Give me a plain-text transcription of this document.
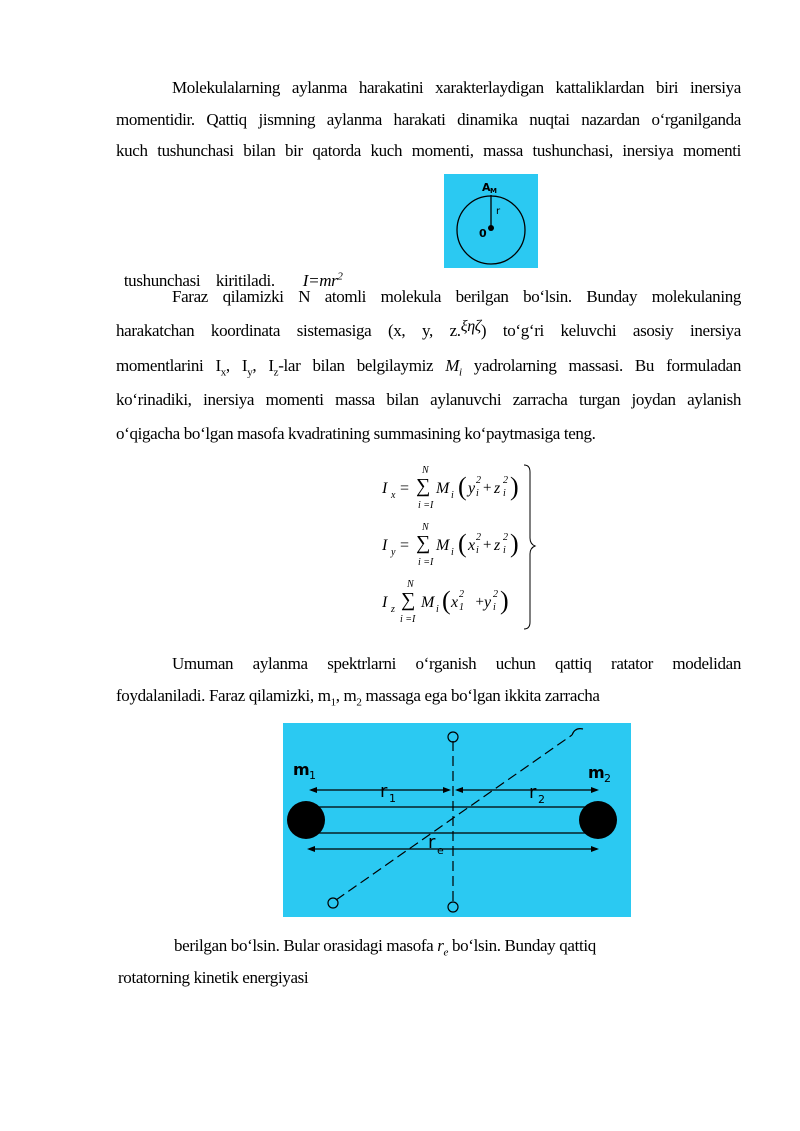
Molekulalarning aylanma harakatini xarakterlaydigan kattaliklardan biri inersiya
momentidir. Qattiq jismning aylanma harakati dinamika nuqtai nazardan o‘rganilganda
kuch tushunchasi bilan bir qatorda kuch momenti, massa tushunchasi, inersiya momenti

tushunchasi    kiritiladi. $I=mr^2$

A M
r
0
Faraz qilamizki N atomli molekula berilgan bo‘lsin. Bunday molekulaning
harakatchan koordinata sistemasiga (x, y, z.ξηζ) to‘g‘ri keluvchi asosiy inersiya
momentlarini $I_x$, $I_y$, $I_z$-lar bilan belgilaymiz $M_i$ yadrolarning massasi. Bu formuladan
ko‘rinadiki, inersiya momenti massa bilan aylanuvchi zarracha turgan joydan aylanish
o‘qigacha bo‘lgan masofa kvadratining summasining ko‘paytmasiga teng.
I x =
N
∑
i =I
M i ( y 2
i + z 2
i )
I y =
N
∑
i =I
M i ( x 2
i + z 2
i )
I z
N
∑
i =I
M i ( x 2
1 + y 2
i )
Umuman aylanma spektrlarni o‘rganish uchun qattiq ratator modelidan
foydalaniladi. Faraz qilamizki, $m_1$, $m_2$ massaga ega bo‘lgan ikkita zarracha
m 1	m 2
r 1	r 2
r e
berilgan bo‘lsin. Bular orasidagi masofa $r_e$ bo‘lsin. Bunday qattiq
rotatorning kinetik energiyasi
